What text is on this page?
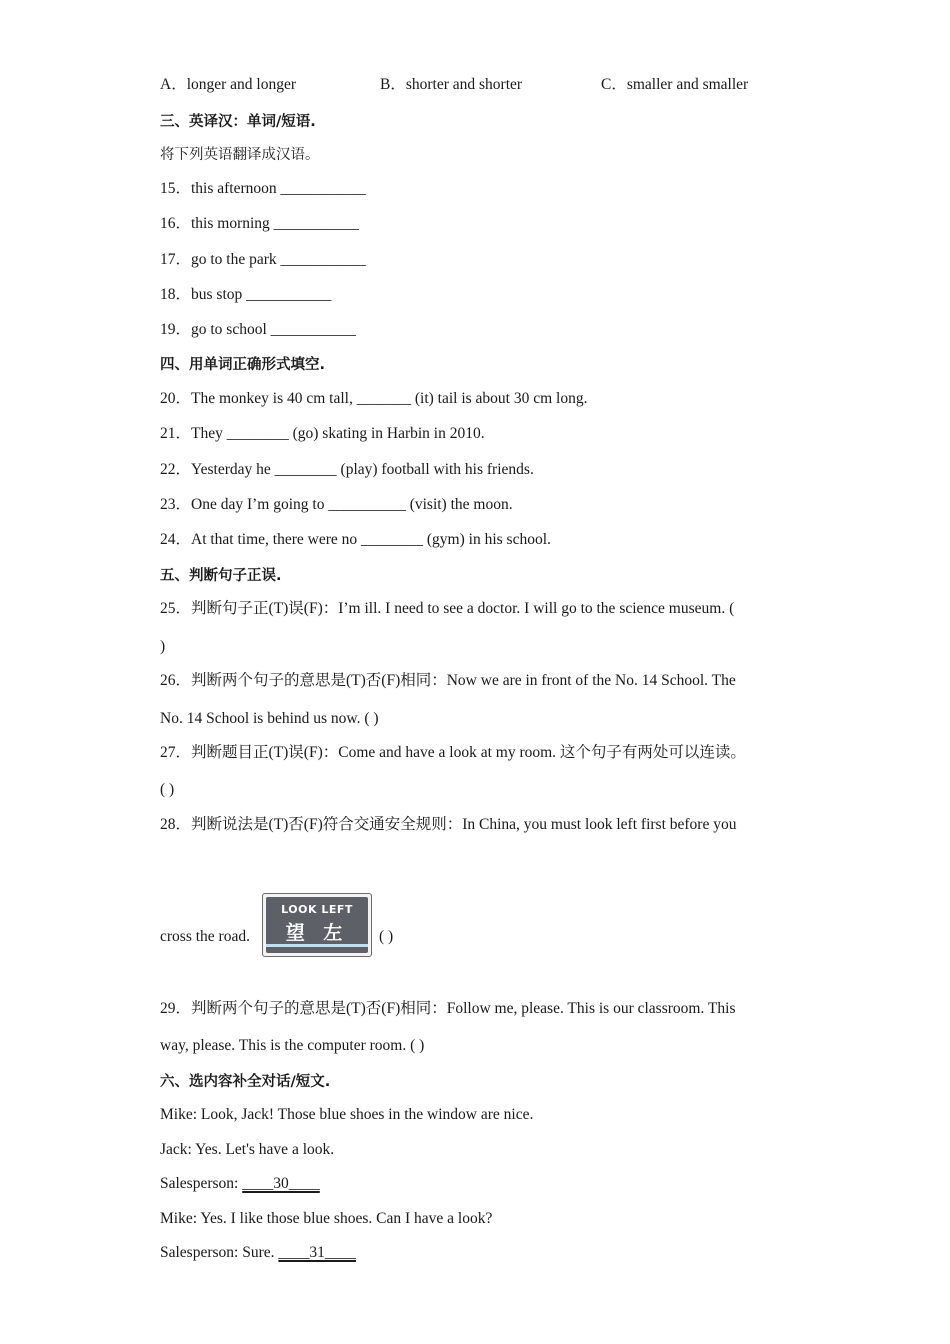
A．longer and longer	B．shorter and shorter	C．smaller and smaller
三、英译汉：单词/短语.
将下列英语翻译成汉语。
15．this afternoon ___________
16．this morning ___________
17．go to the park ___________
18．bus stop ___________
19．go to school ___________
四、用单词正确形式填空.
20．The monkey is 40 cm tall, _______ (it) tail is about 30 cm long.
21．They ________ (go) skating in Harbin in 2010.
22．Yesterday he ________ (play) football with his friends.
23．One day I’m going to __________ (visit) the moon.
24．At that time, there were no ________ (gym) in his school.
五、判断句子正误.
25．判断句子正(T)误(F)：I’m ill. I need to see a doctor. I will go to the science museum. (
)
26．判断两个句子的意思是(T)否(F)相同：Now we are in front of the No. 14 School. The
No. 14 School is behind us now. ( )
27．判断题目正(T)误(F)：Come and have a look at my room. 这个句子有两处可以连读。
( )
28．判断说法是(T)否(F)符合交通安全规则：In China, you must look left first before you
cross the road.
LOOK LEFT
望 左	( )
29．判断两个句子的意思是(T)否(F)相同：Follow me, please. This is our classroom. This
way, please. This is the computer room. ( )
六、选内容补全对话/短文.
Mike: Look, Jack! Those blue shoes in the window are nice.
Jack: Yes. Let's have a look.
Salesperson: ____30____
Mike: Yes. I like those blue shoes. Can I have a look?
Salesperson: Sure. ____31____
